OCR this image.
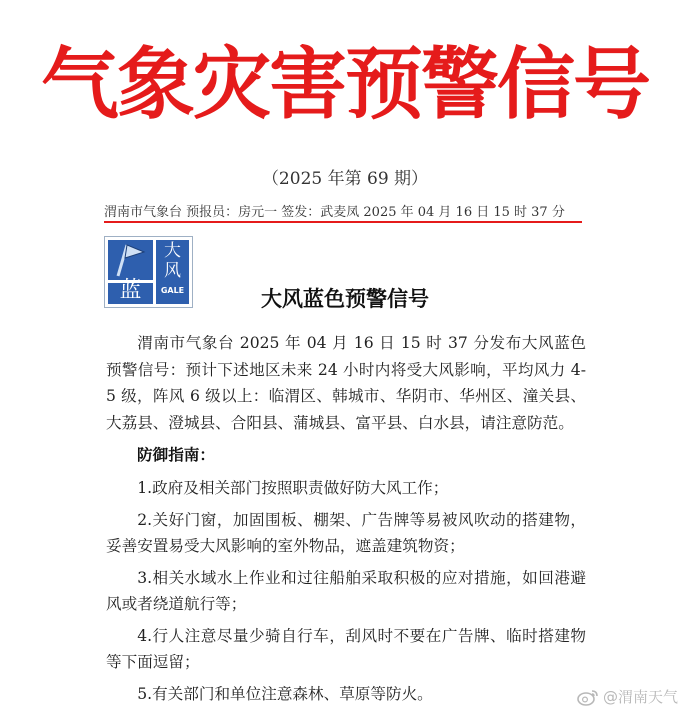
气象灾害预警信号
（2025 年第 69 期）
渭南市气象台 预报员：房元一 签发：武麦凤 2025 年 04 月 16 日 15 时 37 分
蓝
大
风
GALE	大风蓝色预警信号
渭南市气象台 2025 年 04 月 16 日 15 时 37 分发布大风蓝色预警信号：预计下述地区未来 24 小时内将受大风影响，平均风力 4-5 级，阵风 6 级以上：临渭区、韩城市、华阴市、华州区、潼关县、大荔县、澄城县、合阳县、蒲城县、富平县、白水县，请注意防范。
防御指南：
1.政府及相关部门按照职责做好防大风工作；
2.关好门窗，加固围板、棚架、广告牌等易被风吹动的搭建物，妥善安置易受大风影响的室外物品，遮盖建筑物资；
3.相关水域水上作业和过往船舶采取积极的应对措施，如回港避风或者绕道航行等；
4.行人注意尽量少骑自行车，刮风时不要在广告牌、临时搭建物等下面逗留；
5.有关部门和单位注意森林、草原等防火。	@渭南天气
